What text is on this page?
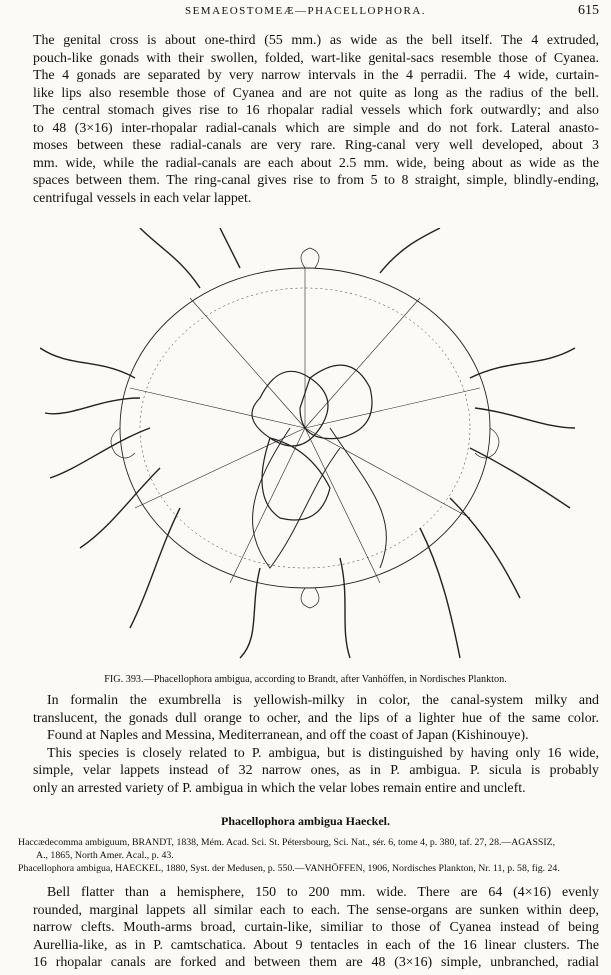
SEMAEOSTOMEÆ—PHACELLOPHORA.	615
The genital cross is about one-third (55 mm.) as wide as the bell itself. The 4 extruded,
pouch-like gonads with their swollen, folded, wart-like genital-sacs resemble those of Cyanea.
The 4 gonads are separated by very narrow intervals in the 4 perradii. The 4 wide, curtain-
like lips also resemble those of Cyanea and are not quite as long as the radius of the bell.
The central stomach gives rise to 16 rhopalar radial vessels which fork outwardly; and also
to 48 (3×16) inter-rhopalar radial-canals which are simple and do not fork. Lateral anasto-
moses between these radial-canals are very rare. Ring-canal very well developed, about 3
mm. wide, while the radial-canals are each about 2.5 mm. wide, being about as wide as the
spaces between them. The ring-canal gives rise to from 5 to 8 straight, simple, blindly-ending,
centrifugal vessels in each velar lappet.
FIG. 393.—Phacellophora ambigua, according to Brandt, after Vanhöffen, in Nordisches Plankton.
In formalin the exumbrella is yellowish-milky in color, the canal-system milky and
translucent, the gonads dull orange to ocher, and the lips of a lighter hue of the same color.
Found at Naples and Messina, Mediterranean, and off the coast of Japan (Kishinouye).
This species is closely related to P. ambigua, but is distinguished by having only 16 wide,
simple, velar lappets instead of 32 narrow ones, as in P. ambigua. P. sicula is probably
only an arrested variety of P. ambigua in which the velar lobes remain entire and uncleft.
Phacellophora ambigua Haeckel.

Haccædecomma ambiguum, BRANDT, 1838, Mém. Acad. Sci. St. Pétersbourg, Sci. Nat., sér. 6, tome 4, p. 380, taf. 27, 28.—AGASSIZ,

A., 1865, North Amer. Acal., p. 43.

Phacellophora ambigua, HAECKEL, 1880, Syst. der Medusen, p. 550.—VANHÖFFEN, 1906, Nordisches Plankton, Nr. 11, p. 58, fig. 24.

Bell flatter than a hemisphere, 150 to 200 mm. wide. There are 64 (4×16) evenly
rounded, marginal lappets all similar each to each. The sense-organs are sunken within deep,
narrow clefts. Mouth-arms broad, curtain-like, similiar to those of Cyanea instead of being
Aurellia-like, as in P. camtschatica. About 9 tentacles in each of the 16 linear clusters. The
16 rhopalar canals are forked and between them are 48 (3×16) simple, unbranched, radial
